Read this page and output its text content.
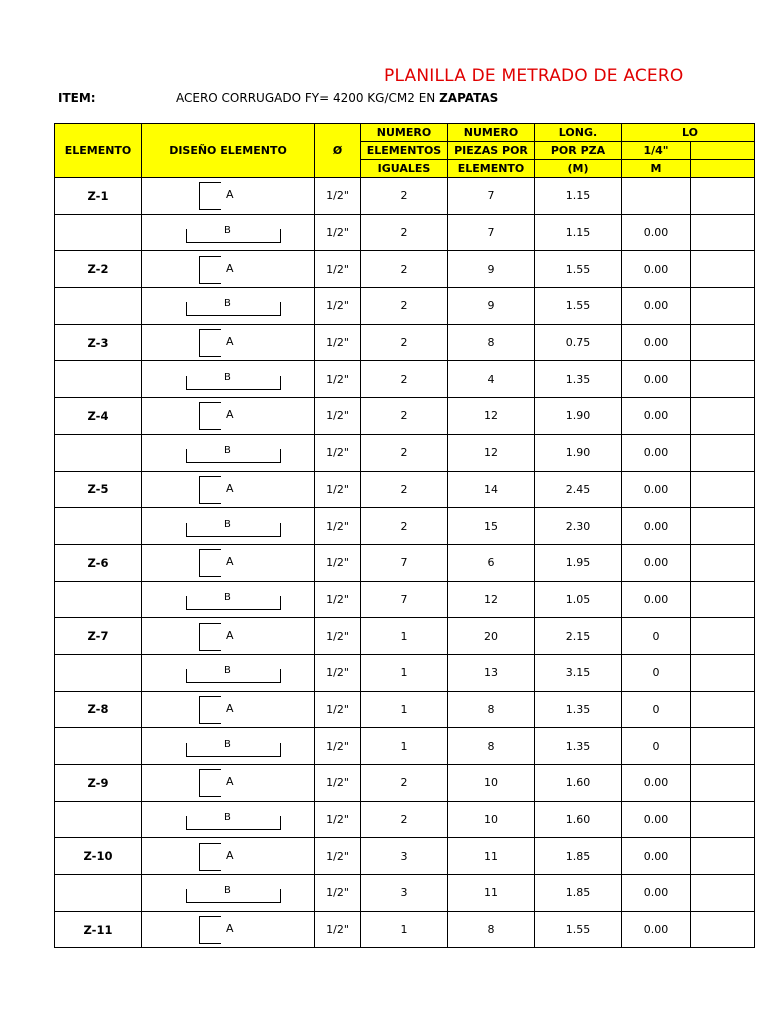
PLANILLA DE METRADO DE ACERO
ITEM:	ACERO CORRUGADO FY= 4200 KG/CM2 EN ZAPATAS
ELEMENTO	DISEÑO ELEMENTO	Ø	NUMERO	NUMERO	LONG.	LO	
			ELEMENTOS	PIEZAS POR	POR PZA	1/4"	
			IGUALES	ELEMENTO	(M)	M	
Z-1	A	1/2"	2	7	1.15		

	B	1/2"	2	7	1.15	0.00	
Z-2	A	1/2"	2	9	1.55	0.00	

	B	1/2"	2	9	1.55	0.00	
Z-3	A	1/2"	2	8	0.75	0.00	

	B	1/2"	2	4	1.35	0.00	
Z-4	A	1/2"	2	12	1.90	0.00	

	B	1/2"	2	12	1.90	0.00	
Z-5	A	1/2"	2	14	2.45	0.00	

	B	1/2"	2	15	2.30	0.00	
Z-6	A	1/2"	7	6	1.95	0.00	

	B	1/2"	7	12	1.05	0.00	
Z-7	A	1/2"	1	20	2.15	0	

	B	1/2"	1	13	3.15	0	
Z-8	A	1/2"	1	8	1.35	0	

	B	1/2"	1	8	1.35	0	
Z-9	A	1/2"	2	10	1.60	0.00	

	B	1/2"	2	10	1.60	0.00	
Z-10	A	1/2"	3	11	1.85	0.00	

	B	1/2"	3	11	1.85	0.00	
Z-11	A	1/2"	1	8	1.55	0.00	
